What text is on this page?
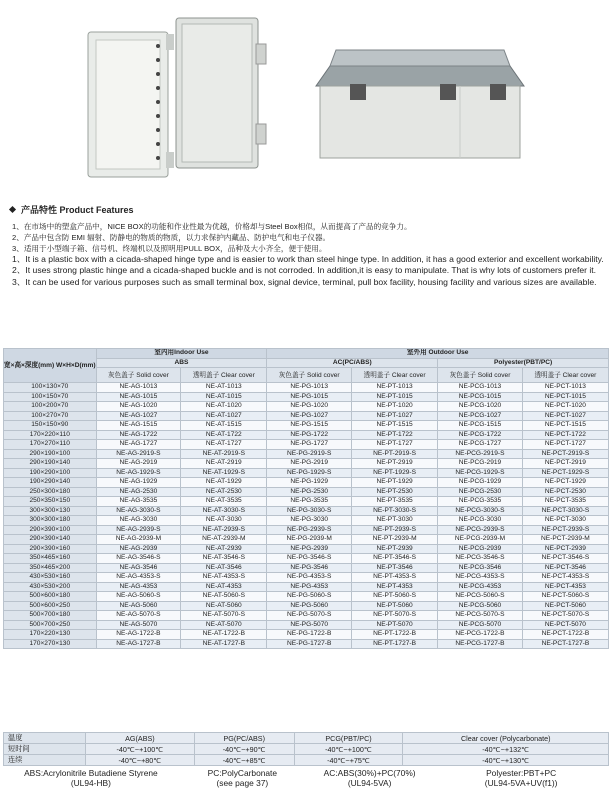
产品特性 Product Features

1、在市场中的塑盒产品中，NICE BOX的功能和作业性最为优越，价格却与Steel Box相似，从而提高了产品的竞争力。

2、产品中包含防 EMI 辐射、防静电的物质的物质，以力求保护内藏品、防护电气和电子仪器。

3、适用于小型端子箱、信号机、终端机以及照明用PULL BOX，品种及大小齐全，便于使用。

1、It is a plastic box with a cicada-shaped hinge type and is easier to work than steel hinge type. In addition, it has a good exterior and excellent workability.

2、It uses strong plastic hinge and a cicada-shaped buckle and is not corroded. In addition,it is easy to manipulate. That is why lots of customers prefer it.

3、It can be used for various purposes such as small terminal box, signal device, terminal, pull box facility, housing facility and various sizes are available.

宽×高×深度(mm) W×H×D(mm)	室内用Indoor Use		室外用 Outdoor Use			
	ABS		AC(PC/ABS)		Polyester(PBT/PC)	
	灰色盖子 Solid cover	透明盖子 Clear cover	灰色盖子 Solid cover	透明盖子 Clear cover	灰色盖子 Solid cover	透明盖子 Clear cover
100×130×70	NE-AG-1013	NE-AT-1013	NE-PG-1013	NE-PT-1013	NE-PCG-1013	NE-PCT-1013
100×150×70	NE-AG-1015	NE-AT-1015	NE-PG-1015	NE-PT-1015	NE-PCG-1015	NE-PCT-1015
100×200×70	NE-AG-1020	NE-AT-1020	NE-PG-1020	NE-PT-1020	NE-PCG-1020	NE-PCT-1020
100×270×70	NE-AG-1027	NE-AT-1027	NE-PG-1027	NE-PT-1027	NE-PCG-1027	NE-PCT-1027
150×150×90	NE-AG-1515	NE-AT-1515	NE-PG-1515	NE-PT-1515	NE-PCG-1515	NE-PCT-1515
170×220×110	NE-AG-1722	NE-AT-1722	NE-PG-1722	NE-PT-1722	NE-PCG-1722	NE-PCT-1722
170×270×110	NE-AG-1727	NE-AT-1727	NE-PG-1727	NE-PT-1727	NE-PCG-1727	NE-PCT-1727
290×190×100	NE-AG-2919-S	NE-AT-2919-S	NE-PG-2919-S	NE-PT-2919-S	NE-PCG-2919-S	NE-PCT-2919-S
290×190×140	NE-AG-2919	NE-AT-2919	NE-PG-2919	NE-PT-2919	NE-PCG-2919	NE-PCT-2919
190×290×100	NE-AG-1929-S	NE-AT-1929-S	NE-PG-1929-S	NE-PT-1929-S	NE-PCG-1929-S	NE-PCT-1929-S
190×290×140	NE-AG-1929	NE-AT-1929	NE-PG-1929	NE-PT-1929	NE-PCG-1929	NE-PCT-1929
250×300×180	NE-AG-2530	NE-AT-2530	NE-PG-2530	NE-PT-2530	NE-PCG-2530	NE-PCT-2530
250×350×150	NE-AG-3535	NE-AT-3535	NE-PG-3535	NE-PT-3535	NE-PCG-3535	NE-PCT-3535
300×300×130	NE-AG-3030-S	NE-AT-3030-S	NE-PG-3030-S	NE-PT-3030-S	NE-PCG-3030-S	NE-PCT-3030-S
300×300×180	NE-AG-3030	NE-AT-3030	NE-PG-3030	NE-PT-3030	NE-PCG-3030	NE-PCT-3030
290×390×100	NE-AG-2939-S	NE-AT-2939-S	NE-PG-2939-S	NE-PT-2939-S	NE-PCG-2939-S	NE-PCT-2939-S
290×390×140	NE-AG-2939-M	NE-AT-2939-M	NE-PG-2939-M	NE-PT-2939-M	NE-PCG-2939-M	NE-PCT-2939-M
290×390×160	NE-AG-2939	NE-AT-2939	NE-PG-2939	NE-PT-2939	NE-PCG-2939	NE-PCT-2939
350×465×160	NE-AG-3546-S	NE-AT-3546-S	NE-PG-3546-S	NE-PT-3546-S	NE-PCG-3546-S	NE-PCT-3546-S
350×465×200	NE-AG-3546	NE-AT-3546	NE-PG-3546	NE-PT-3546	NE-PCG-3546	NE-PCT-3546
430×530×160	NE-AG-4353-S	NE-AT-4353-S	NE-PG-4353-S	NE-PT-4353-S	NE-PCG-4353-S	NE-PCT-4353-S
430×530×200	NE-AG-4353	NE-AT-4353	NE-PG-4353	NE-PT-4353	NE-PCG-4353	NE-PCT-4353
500×600×180	NE-AG-5060-S	NE-AT-5060-S	NE-PG-5060-S	NE-PT-5060-S	NE-PCG-5060-S	NE-PCT-5060-S
500×600×250	NE-AG-5060	NE-AT-5060	NE-PG-5060	NE-PT-5060	NE-PCG-5060	NE-PCT-5060
500×700×180	NE-AG-5070-S	NE-AT-5070-S	NE-PG-5070-S	NE-PT-5070-S	NE-PCG-5070-S	NE-PCT-5070-S
500×700×250	NE-AG-5070	NE-AT-5070	NE-PG-5070	NE-PT-5070	NE-PCG-5070	NE-PCT-5070
170×220×130	NE-AG-1722-B	NE-AT-1722-B	NE-PG-1722-B	NE-PT-1722-B	NE-PCG-1722-B	NE-PCT-1722-B
170×270×130	NE-AG-1727-B	NE-AT-1727-B	NE-PG-1727-B	NE-PT-1727-B	NE-PCG-1727-B	NE-PCT-1727-B
温度	AG(ABS)	PG(PC/ABS)	PCG(PBT/PC)	Clear cover (Polycarbonate)
短时间	-40℃~+100℃	-40℃~+90℃	-40℃~+100℃	-40℃~+132℃
连续	-40℃~+80℃	-40℃~+85℃	-40℃~+75℃	-40℃~+130℃
ABS:Acrylonitrile Butadiene Styrene
(UL94-HB)
PC:PolyCarbonate
(see page 37)
AC:ABS(30%)+PC(70%)
(UL94-5VA)
Polyester:PBT+PC
(UL94-5VA+UV(f1))
